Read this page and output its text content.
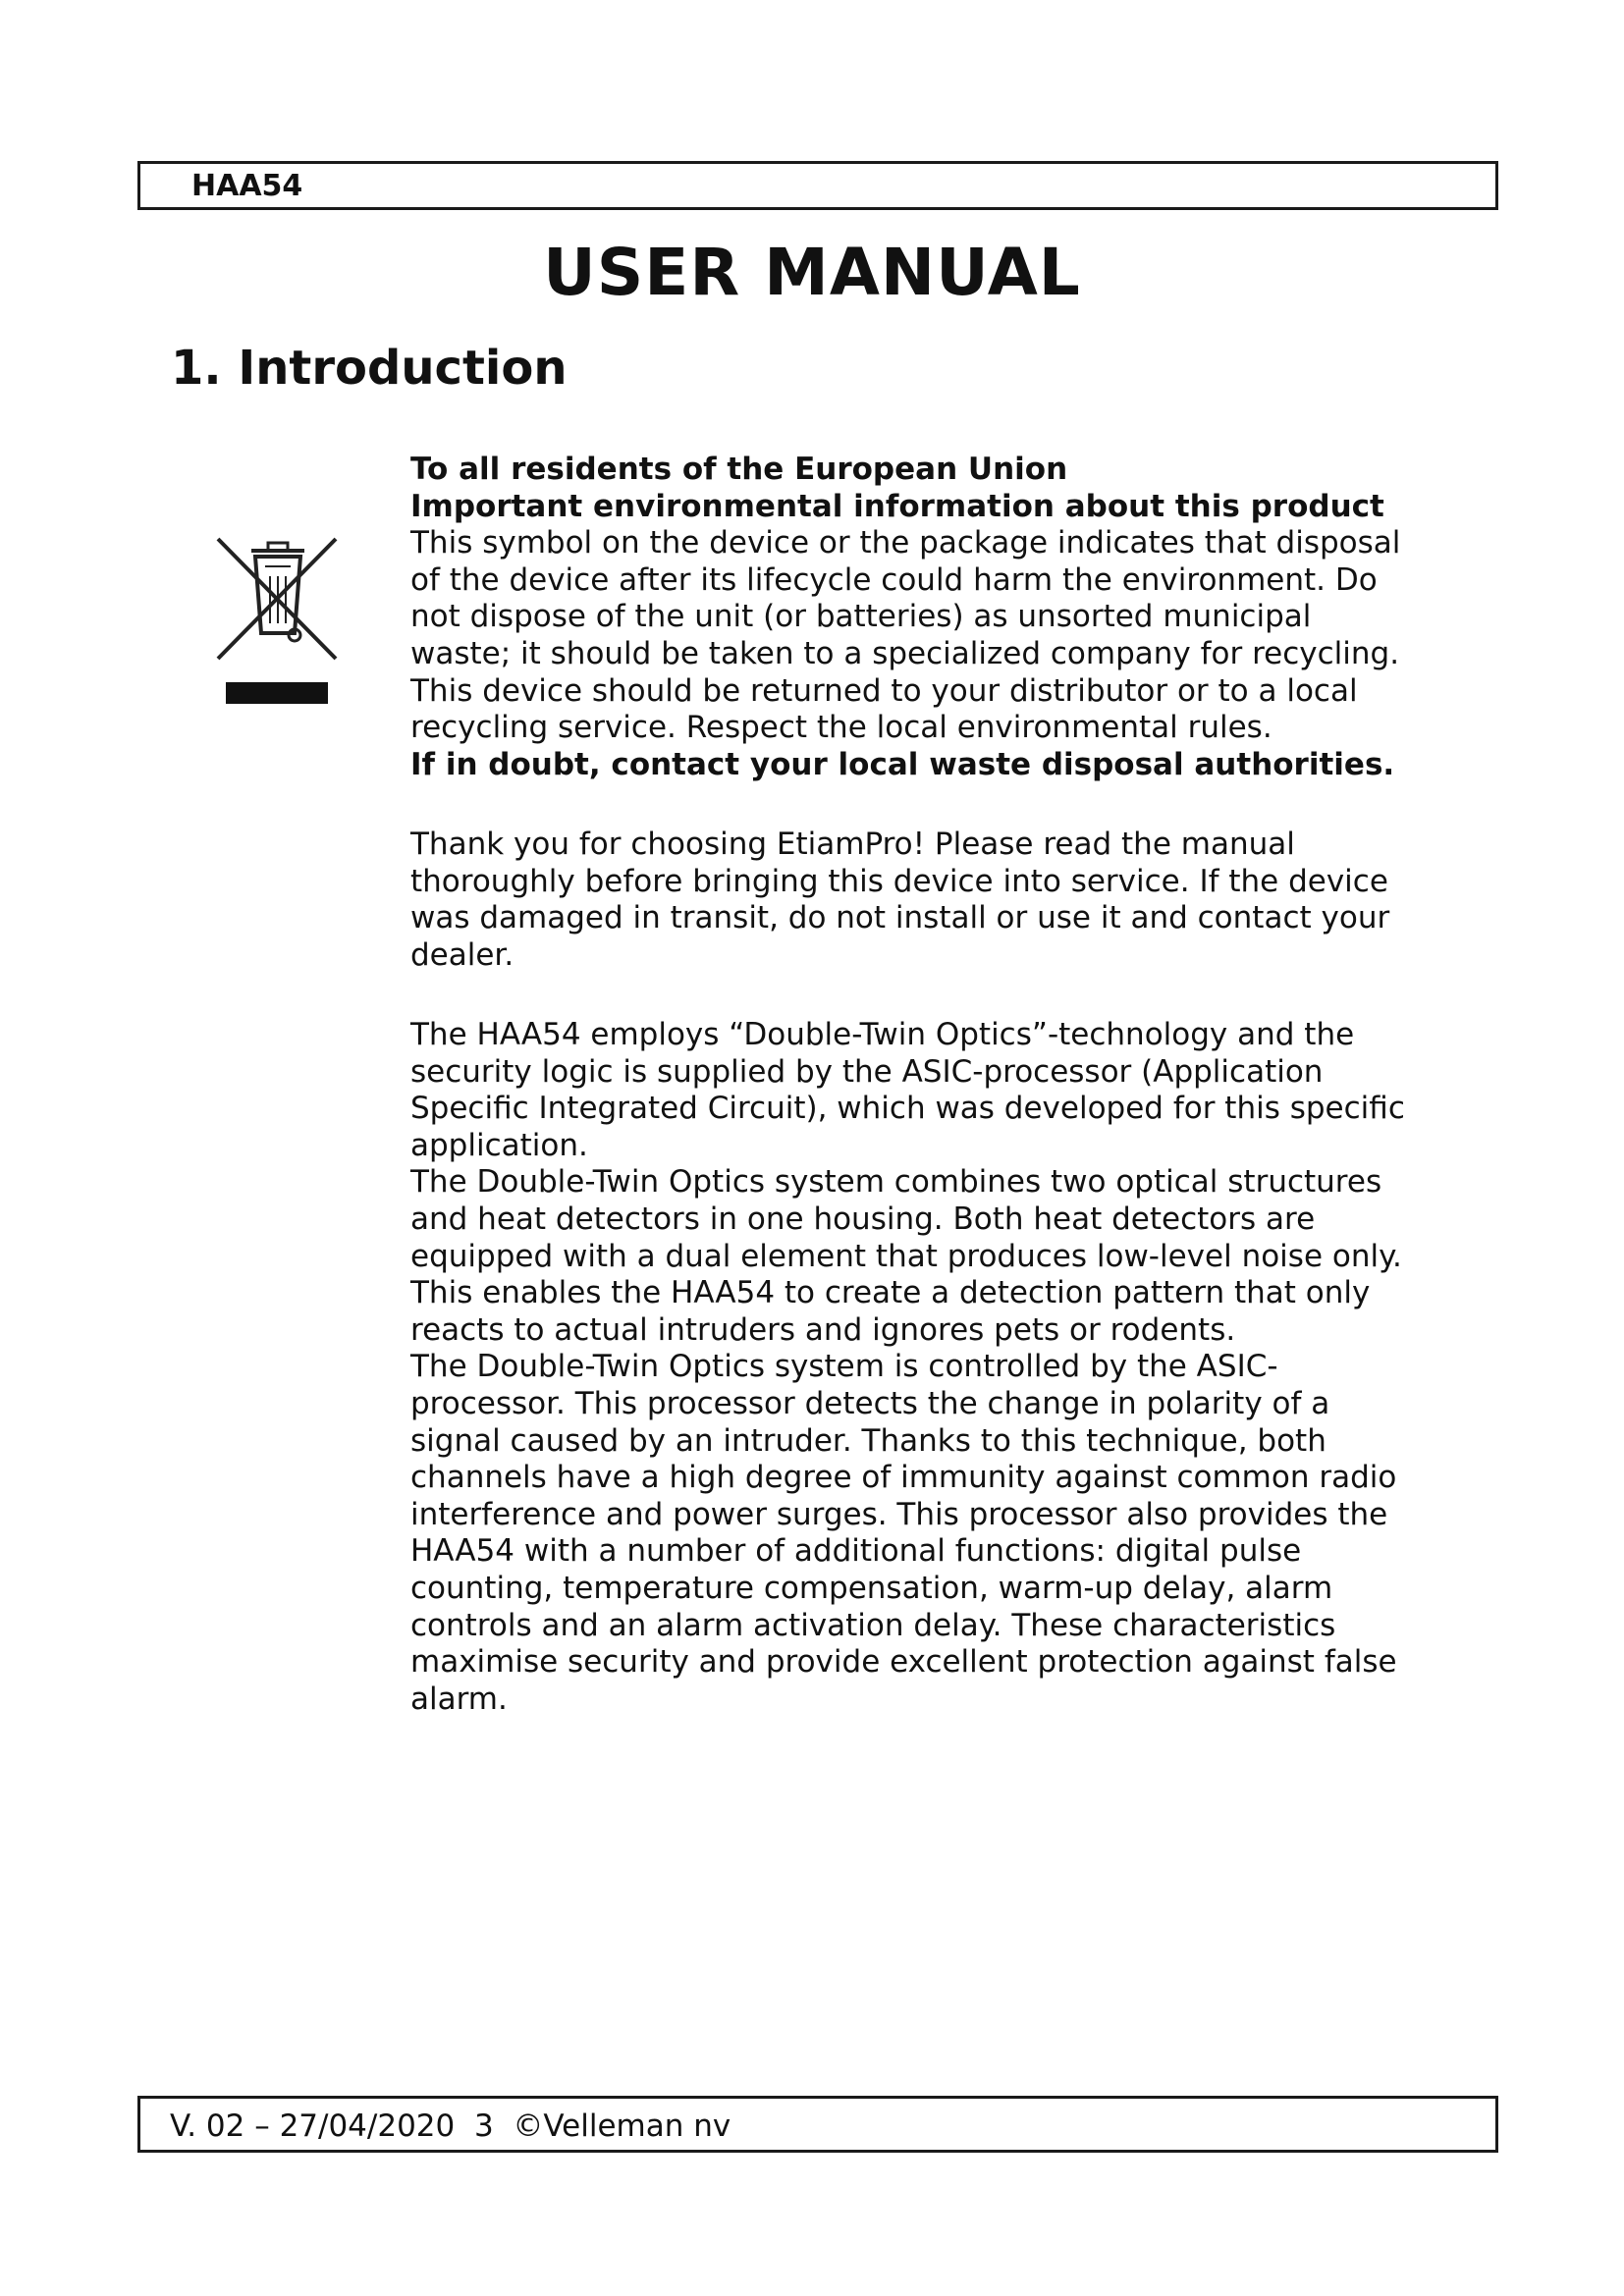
HAA54
USER MANUAL
1. Introduction
To all residents of the European Union
Important environmental information about this product
This symbol on the device or the package indicates that disposal
of the device after its lifecycle could harm the environment. Do
not dispose of the unit (or batteries) as unsorted municipal
waste; it should be taken to a specialized company for recycling.
This device should be returned to your distributor or to a local
recycling service. Respect the local environmental rules.
If in doubt, contact your local waste disposal authorities.
Thank you for choosing EtiamPro! Please read the manual
thoroughly before bringing this device into service. If the device
was damaged in transit, do not install or use it and contact your
dealer.
The HAA54 employs “Double-Twin Optics”-technology and the
security logic is supplied by the ASIC-processor (Application
Specific Integrated Circuit), which was developed for this specific
application.
The Double-Twin Optics system combines two optical structures
and heat detectors in one housing. Both heat detectors are
equipped with a dual element that produces low-level noise only.
This enables the HAA54 to create a detection pattern that only
reacts to actual intruders and ignores pets or rodents.
The Double-Twin Optics system is controlled by the ASIC-
processor. This processor detects the change in polarity of a
signal caused by an intruder. Thanks to this technique, both
channels have a high degree of immunity against common radio
interference and power surges. This processor also provides the
HAA54 with a number of additional functions: digital pulse
counting, temperature compensation, warm-up delay, alarm
controls and an alarm activation delay. These characteristics
maximise security and provide excellent protection against false
alarm.
V. 02 – 27/04/2020  3  ©Velleman nv
